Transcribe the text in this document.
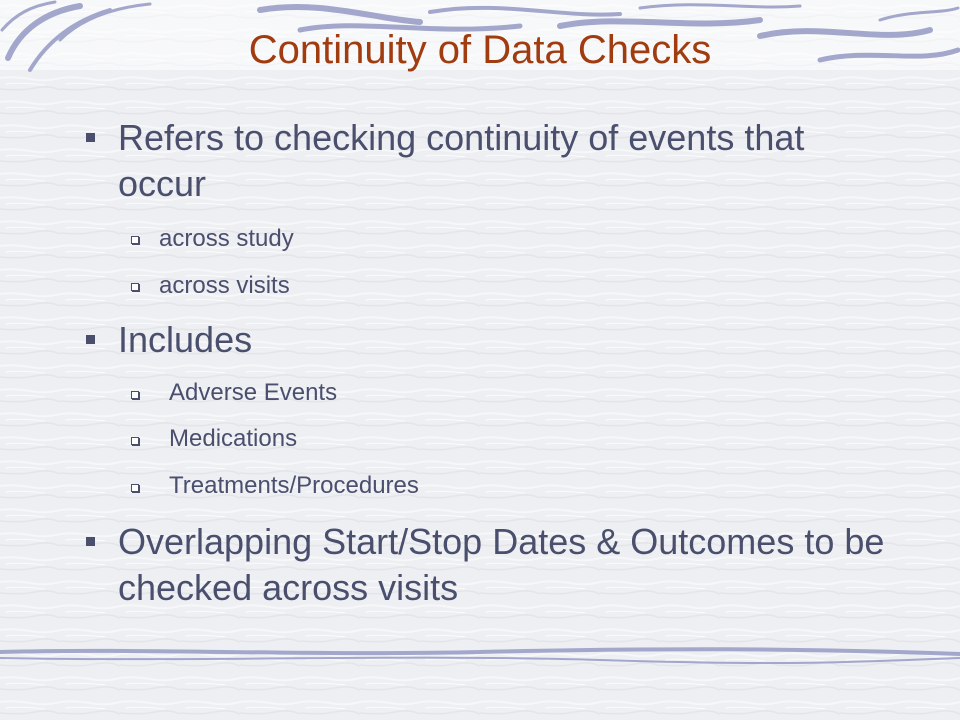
Continuity of Data Checks
Refers to checking continuity of events that occur
across study
across visits
Includes
Adverse Events
Medications
Treatments/Procedures
Overlapping Start/Stop Dates & Outcomes to be checked across visits
